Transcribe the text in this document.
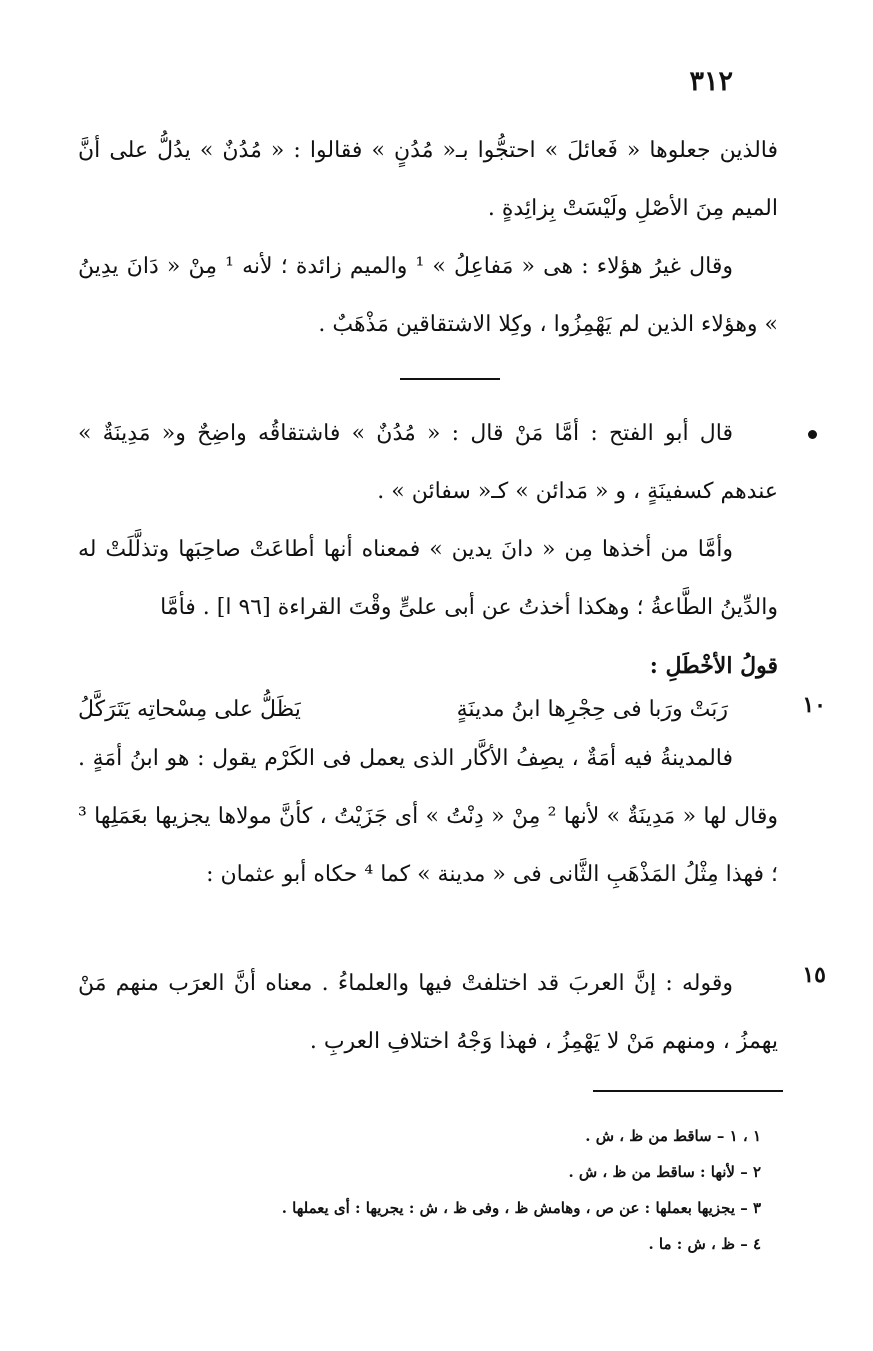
٣١٢

فالذين جعلوها « فَعائلَ » احتجُّوا بـ« مُدُنٍ » فقالوا : « مُدُنٌ » يدُلُّ على أنَّ الميم مِنَ الأصْلِ ولَيْسَتْ بِزائِدةٍ .

وقال غيرُ هؤلاء : هى « مَفاعِلُ » ¹ والميم زائدة ؛ لأنه ¹ مِنْ « دَانَ يدِينُ » وهؤلاء الذين لم يَهْمِزُوا ، وكِلا الاشتقاقين مَذْهَبٌ .

قال أبو الفتح : أمَّا مَنْ قال : « مُدُنٌ » فاشتقاقُه واضِحٌ و« مَدِينَةٌ » عندهم كسفينَةٍ ، و « مَدائن » كـ« سفائن » .

وأمَّا من أخذها مِن « دانَ يدين » فمعناه أنها أطاعَتْ صاحِبَها وتذلَّلَتْ له والدِّينُ الطَّاعةُ ؛ وهكذا أخذتُ عن أبى علىٍّ وقْتَ القراءة [٩٦ ا] . فأمَّا

قولُ الأخْطَلِ :

١٠
رَبَتْ ورَبا فى حِجْرِها ابنُ مدينَةٍ
يَظَلُّ على مِسْحاتِه يَتَرَكَّلُ

فالمدينةُ فيه أمَةٌ ، يصِفُ الأكَّار الذى يعمل فى الكَرْم يقول : هو ابنُ أمَةٍ . وقال لها « مَدِينَةٌ » لأنها ² مِنْ « دِنْتُ » أى جَزَيْتُ ، كأنَّ مولاها يجزيها بعَمَلِها ³ ؛ فهذا مِثْلُ المَذْهَبِ الثَّانى فى « مدينة » كما ⁴ حكاه أبو عثمان :

١٥

وقوله : إنَّ العربَ قد اختلفتْ فيها والعلماءُ . معناه أنَّ العرَب منهم مَنْ يهمزُ ، ومنهم مَنْ لا يَهْمِزُ ، فهذا وَجْهُ اختلافِ العربِ .

١ ، ١ – ساقط من ظ ، ش .

٢ – لأنها : ساقط من ظ ، ش .

٣ – يجزيها بعملها : عن ص ، وهامش ظ ، وفى ظ ، ش : يجريها : أى يعملها .

٤ – ظ ، ش : ما .
